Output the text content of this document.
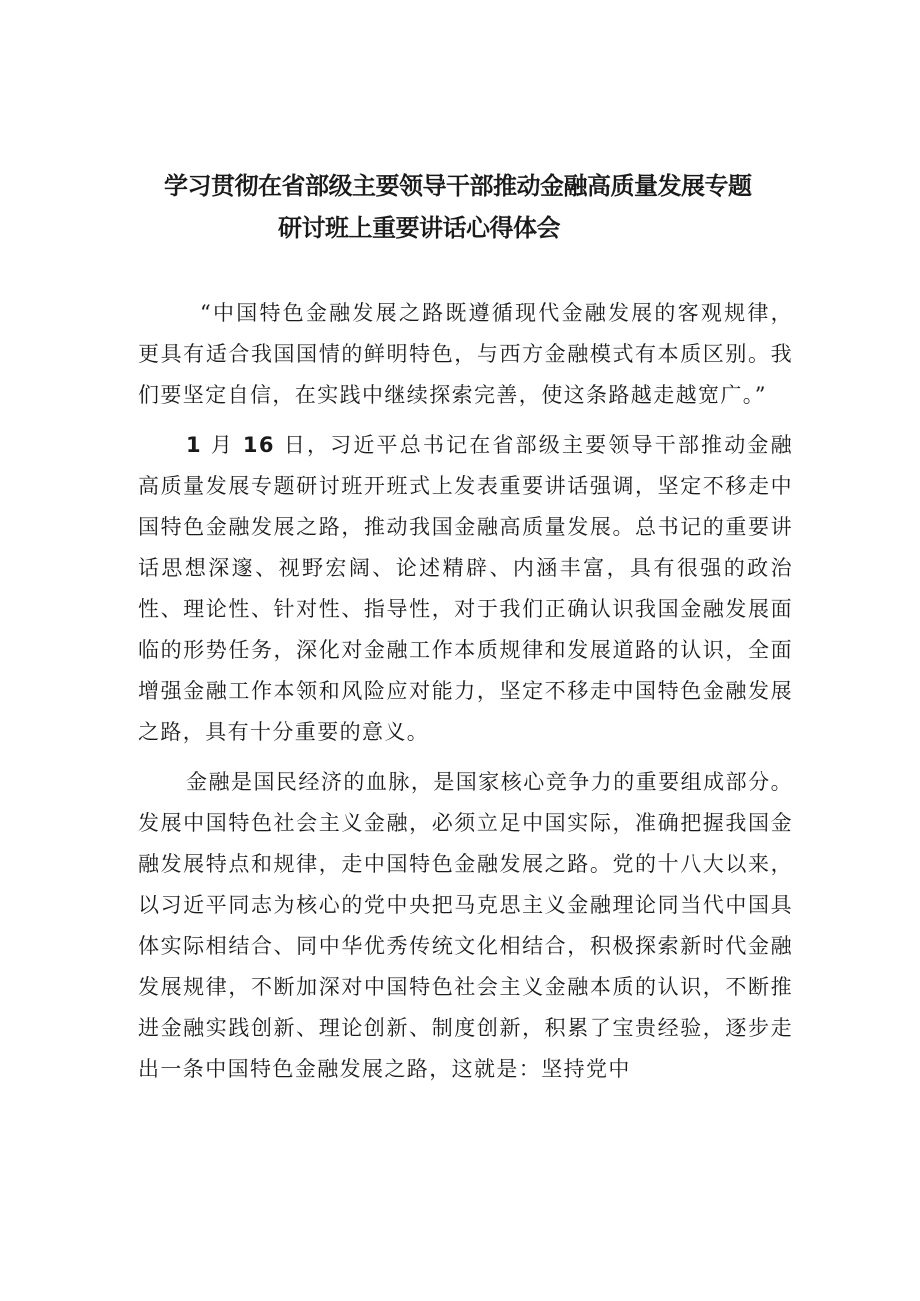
学习贯彻在省部级主要领导干部推动金融高质量发展专题
研讨班上重要讲话心得体会

“中国特色金融发展之路既遵循现代金融发展的客观规律，更具有适合我国国情的鲜明特色，与西方金融模式有本质区别。我们要坚定自信，在实践中继续探索完善，使这条路越走越宽广。”

1 月 16 日，习近平总书记在省部级主要领导干部推动金融高质量发展专题研讨班开班式上发表重要讲话强调，坚定不移走中国特色金融发展之路，推动我国金融高质量发展。总书记的重要讲话思想深邃、视野宏阔、论述精辟、内涵丰富，具有很强的政治性、理论性、针对性、指导性，对于我们正确认识我国金融发展面临的形势任务，深化对金融工作本质规律和发展道路的认识，全面增强金融工作本领和风险应对能力，坚定不移走中国特色金融发展之路，具有十分重要的意义。

金融是国民经济的血脉，是国家核心竞争力的重要组成部分。发展中国特色社会主义金融，必须立足中国实际，准确把握我国金融发展特点和规律，走中国特色金融发展之路。党的十八大以来，以习近平同志为核心的党中央把马克思主义金融理论同当代中国具体实际相结合、同中华优秀传统文化相结合，积极探索新时代金融发展规律，不断加深对中国特色社会主义金融本质的认识，不断推进金融实践创新、理论创新、制度创新，积累了宝贵经验，逐步走出一条中国特色金融发展之路，这就是：坚持党中
